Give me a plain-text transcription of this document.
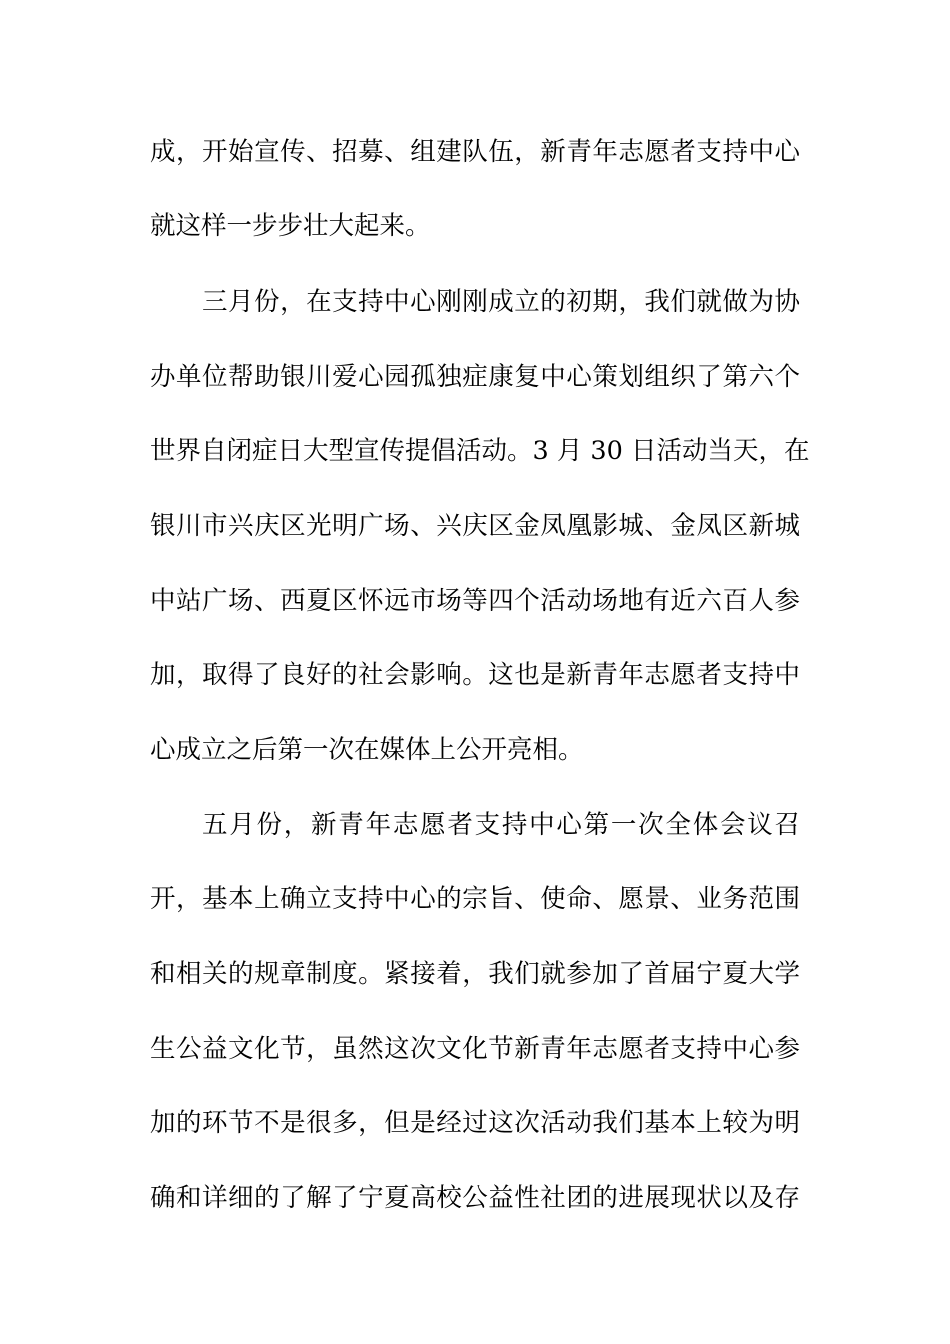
成，开始宣传、招募、组建队伍，新青年志愿者支持中心
就这样一步步壮大起来。
三月份，在支持中心刚刚成立的初期，我们就做为协
办单位帮助银川爱心园孤独症康复中心策划组织了第六个
世界自闭症日大型宣传提倡活动。3 月 30 日活动当天，在
银川市兴庆区光明广场、兴庆区金凤凰影城、金凤区新城
中站广场、西夏区怀远市场等四个活动场地有近六百人参
加，取得了良好的社会影响。这也是新青年志愿者支持中
心成立之后第一次在媒体上公开亮相。
五月份，新青年志愿者支持中心第一次全体会议召
开，基本上确立支持中心的宗旨、使命、愿景、业务范围
和相关的规章制度。紧接着，我们就参加了首届宁夏大学
生公益文化节，虽然这次文化节新青年志愿者支持中心参
加的环节不是很多，但是经过这次活动我们基本上较为明
确和详细的了解了宁夏高校公益性社团的进展现状以及存
